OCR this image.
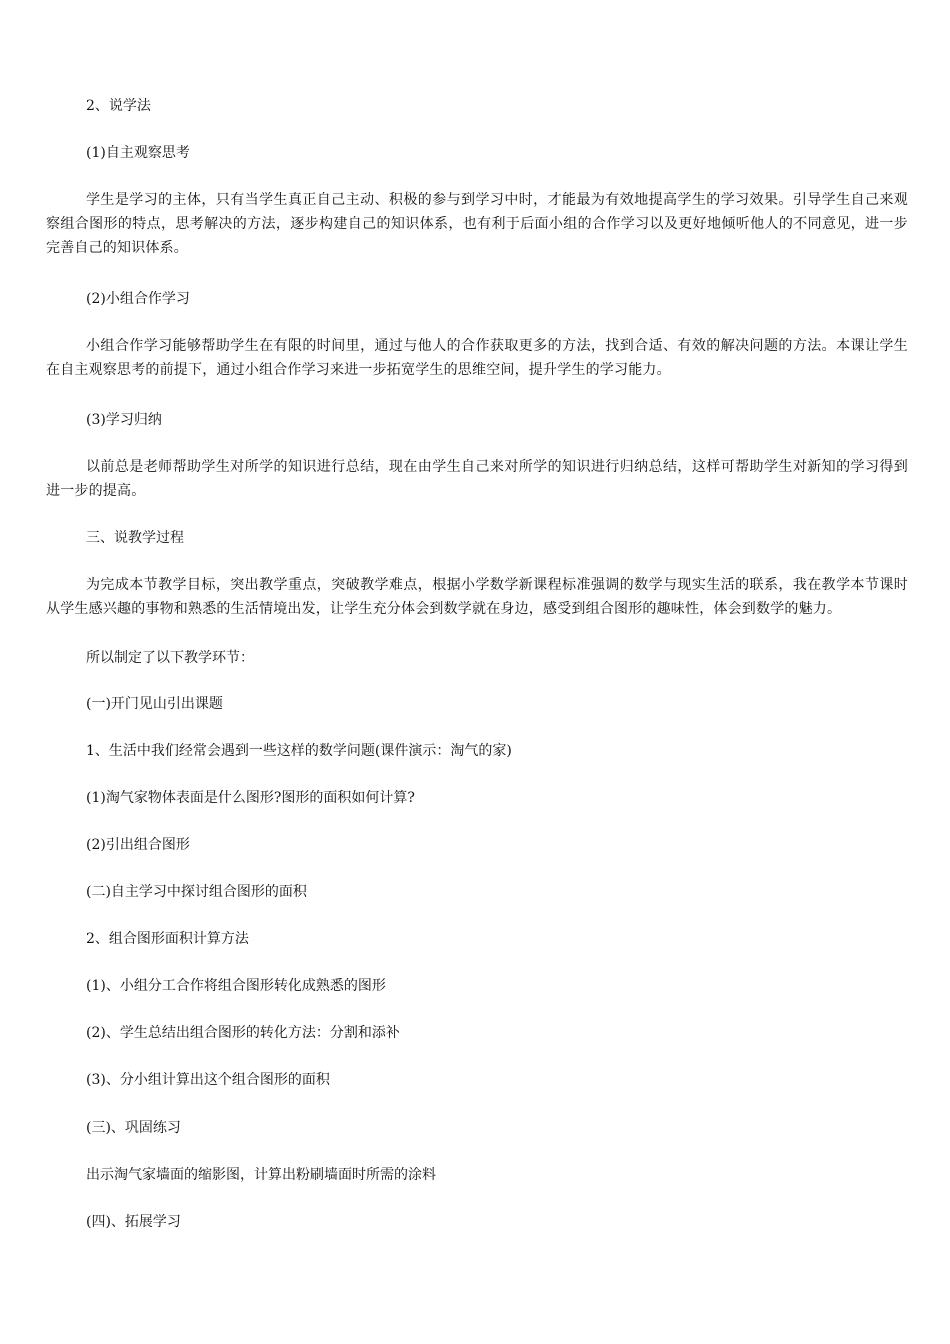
2、说学法

(1)自主观察思考

学生是学习的主体，只有当学生真正自己主动、积极的参与到学习中时，才能最为有效地提高学生的学习效果。引导学生自己来观察组合图形的特点，思考解决的方法，逐步构建自己的知识体系，也有利于后面小组的合作学习以及更好地倾听他人的不同意见，进一步完善自己的知识体系。

(2)小组合作学习

小组合作学习能够帮助学生在有限的时间里，通过与他人的合作获取更多的方法，找到合适、有效的解决问题的方法。本课让学生在自主观察思考的前提下，通过小组合作学习来进一步拓宽学生的思维空间，提升学生的学习能力。

(3)学习归纳

以前总是老师帮助学生对所学的知识进行总结，现在由学生自己来对所学的知识进行归纳总结，这样可帮助学生对新知的学习得到进一步的提高。

三、说教学过程

为完成本节教学目标，突出教学重点，突破教学难点，根据小学数学新课程标准强调的数学与现实生活的联系，我在教学本节课时从学生感兴趣的事物和熟悉的生活情境出发，让学生充分体会到数学就在身边，感受到组合图形的趣味性，体会到数学的魅力。

所以制定了以下教学环节：

(一)开门见山引出课题

1、生活中我们经常会遇到一些这样的数学问题(课件演示：淘气的家)

(1)淘气家物体表面是什么图形?图形的面积如何计算?

(2)引出组合图形

(二)自主学习中探讨组合图形的面积

2、组合图形面积计算方法

(1)、小组分工合作将组合图形转化成熟悉的图形

(2)、学生总结出组合图形的转化方法：分割和添补

(3)、分小组计算出这个组合图形的面积

(三)、巩固练习

出示淘气家墙面的缩影图，计算出粉刷墙面时所需的涂料

(四)、拓展学习
